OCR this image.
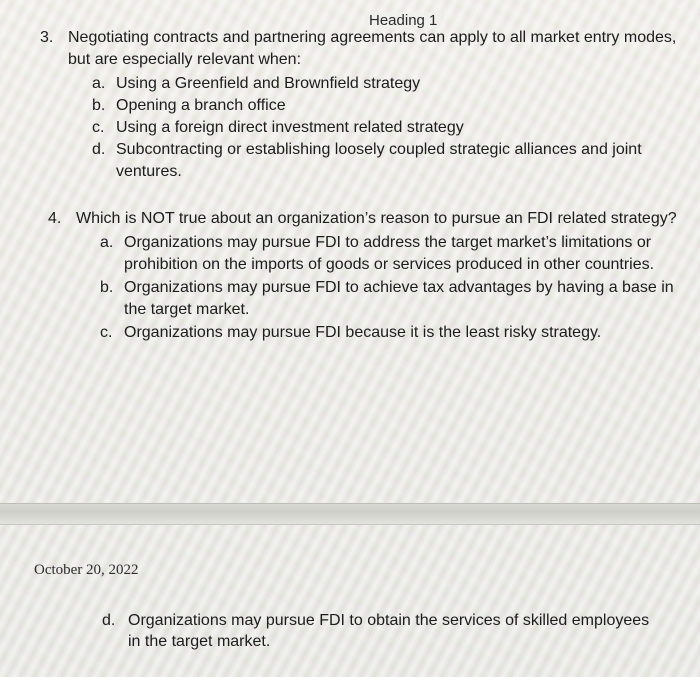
Heading 1
3. Negotiating contracts and partnering agreements can apply to all market entry modes, but are especially relevant when:
a. Using a Greenfield and Brownfield strategy
b. Opening a branch office
c. Using a foreign direct investment related strategy
d. Subcontracting or establishing loosely coupled strategic alliances and joint ventures.
4. Which is NOT true about an organization’s reason to pursue an FDI related strategy?
a. Organizations may pursue FDI to address the target market’s limitations or prohibition on the imports of goods or services produced in other countries.
b. Organizations may pursue FDI to achieve tax advantages by having a base in the target market.
c. Organizations may pursue FDI because it is the least risky strategy.
October 20, 2022
d. Organizations may pursue FDI to obtain the services of skilled employees in the target market.
